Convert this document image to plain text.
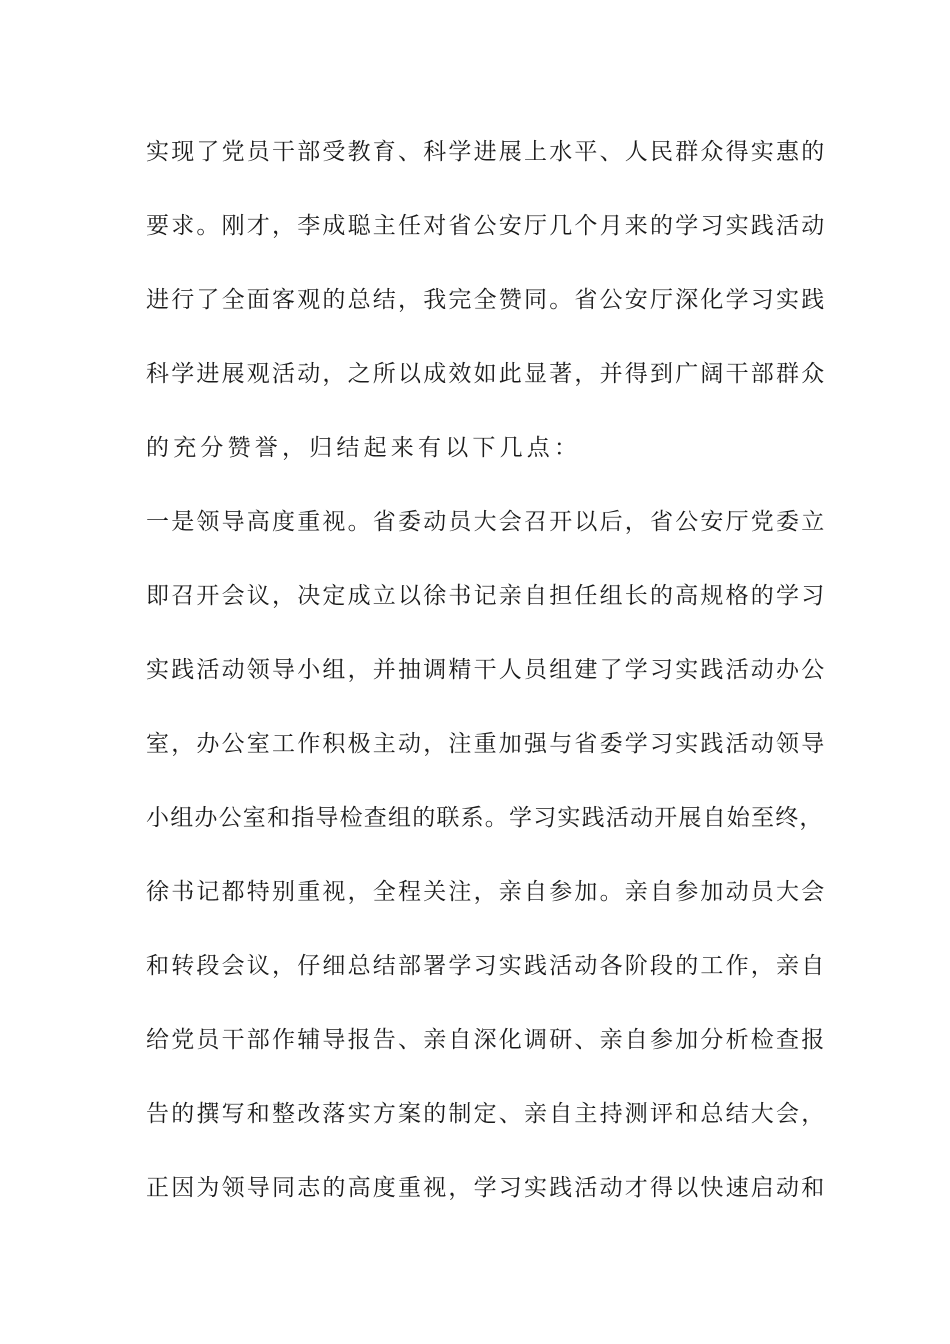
实现了党员干部受教育、科学进展上水平、人民群众得实惠的
要求。刚才，李成聪主任对省公安厅几个月来的学习实践活动
进行了全面客观的总结，我完全赞同。省公安厅深化学习实践
科学进展观活动，之所以成效如此显著，并得到广阔干部群众
的充分赞誉，归结起来有以下几点：
一是领导高度重视。省委动员大会召开以后，省公安厅党委立
即召开会议，决定成立以徐书记亲自担任组长的高规格的学习
实践活动领导小组，并抽调精干人员组建了学习实践活动办公
室，办公室工作积极主动，注重加强与省委学习实践活动领导
小组办公室和指导检查组的联系。学习实践活动开展自始至终，
徐书记都特别重视，全程关注，亲自参加。亲自参加动员大会
和转段会议，仔细总结部署学习实践活动各阶段的工作，亲自
给党员干部作辅导报告、亲自深化调研、亲自参加分析检查报
告的撰写和整改落实方案的制定、亲自主持测评和总结大会，
正因为领导同志的高度重视，学习实践活动才得以快速启动和
